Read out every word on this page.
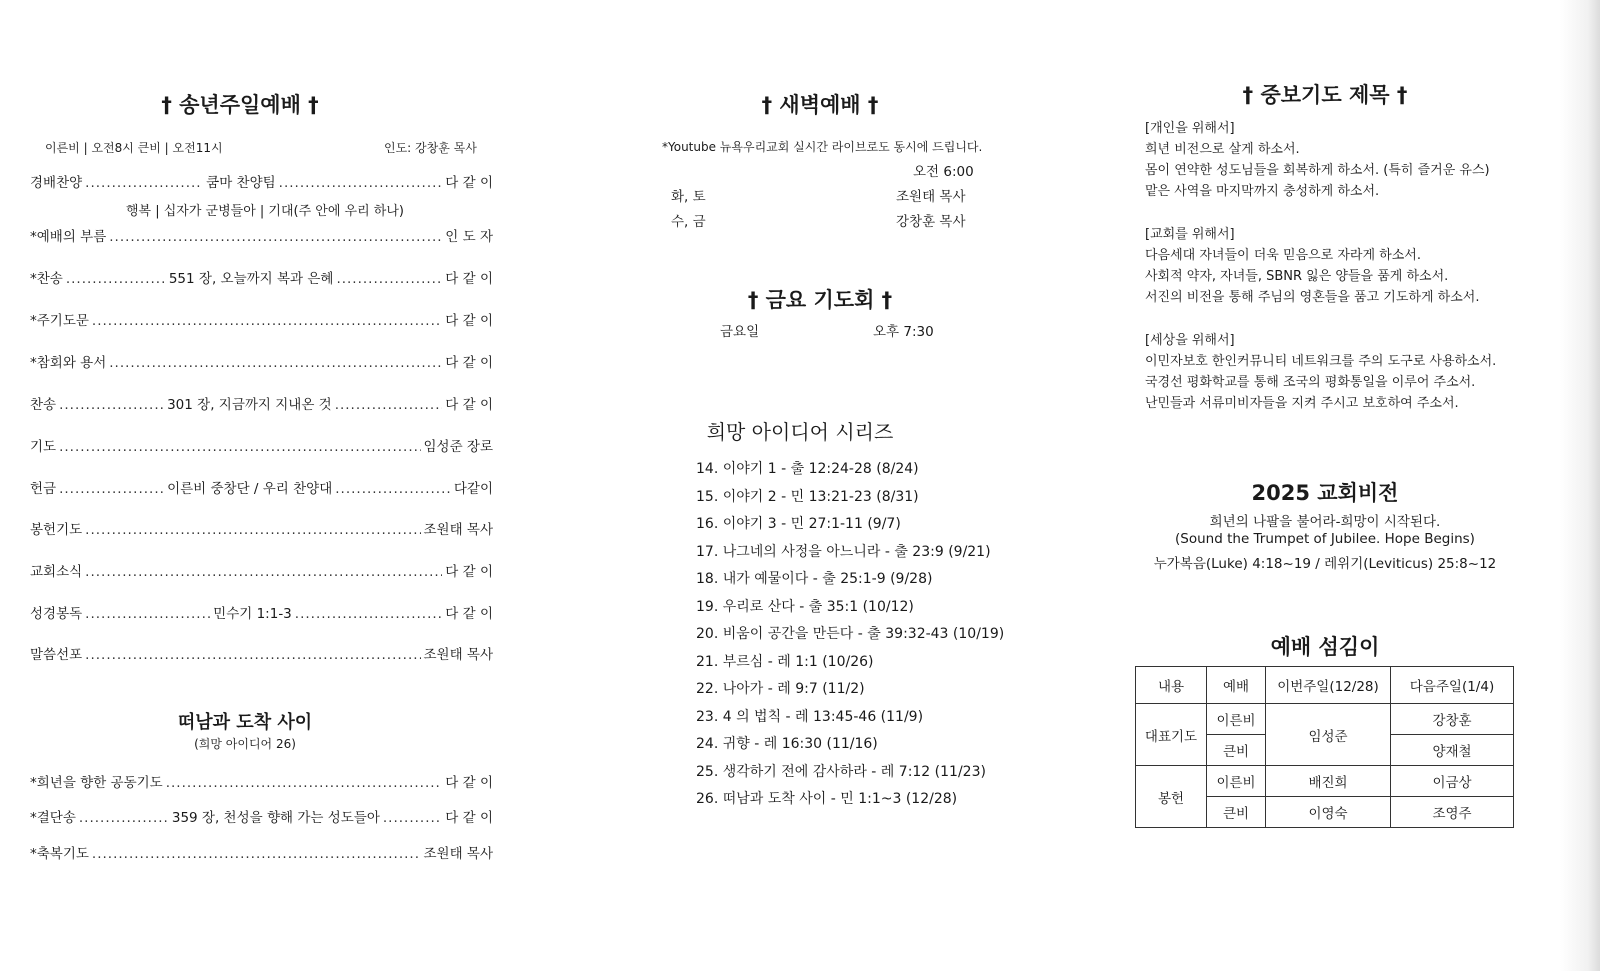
† 송년주일예배 †
이른비 | 오전8시 큰비 | 오전11시	인도: 강창훈 목사
경배찬양 .....	쿰마 찬양팀 .....	다 같 이
행복 | 십자가 군병들아 | 기대(주 안에 우리 하나)
*예배의 부름 .....	인 도 자
*찬송 .....	551 장, 오늘까지 복과 은혜 .....	다 같 이
*주기도문 .....	다 같 이
*참회와 용서 .....	다 같 이
찬송 .....	301 장, 지금까지 지내온 것 .....	다 같 이
기도 .....	임성준 장로
헌금 .....	이른비 중창단 / 우리 찬양대 .....	다같이
봉헌기도 .....	조원태 목사
교회소식 .....	다 같 이
성경봉독 .....	민수기 1:1-3 .....	다 같 이
말씀선포 .....	조원태 목사
떠남과 도착 사이
(희망 아이디어 26)
*희년을 향한 공동기도 .....	다 같 이
*결단송 .....	359 장, 천성을 향해 가는 성도들아 .....	다 같 이
*축복기도 .....	조원태 목사
† 새벽예배 †
*Youtube 뉴욕우리교회 실시간 라이브로도 동시에 드립니다.
오전 6:00
화, 토	조원태 목사
수, 금	강창훈 목사
† 금요 기도회 †
금요일	오후 7:30
희망 아이디어 시리즈
14. 이야기 1 - 출 12:24-28 (8/24)
15. 이야기 2 - 민 13:21-23 (8/31)
16. 이야기 3 - 민 27:1-11 (9/7)
17. 나그네의 사정을 아느니라 - 출 23:9 (9/21)
18. 내가 예물이다 - 출 25:1-9 (9/28)
19. 우리로 산다 - 출 35:1 (10/12)
20. 비움이 공간을 만든다 - 출 39:32-43 (10/19)
21. 부르심 - 레 1:1 (10/26)
22. 나아가 - 레 9:7 (11/2)
23. 4 의 법칙 - 레 13:45-46 (11/9)
24. 귀향 - 레 16:30 (11/16)
25. 생각하기 전에 감사하라 - 레 7:12 (11/23)
26. 떠남과 도착 사이 - 민 1:1~3 (12/28)
† 중보기도 제목 †
[개인을 위해서]
희년 비전으로 살게 하소서.
몸이 연약한 성도님들을 회복하게 하소서. (특히 즐거운 유스)
맡은 사역을 마지막까지 충성하게 하소서.
[교회를 위해서]
다음세대 자녀들이 더욱 믿음으로 자라게 하소서.
사회적 약자, 자녀들, SBNR 잃은 양들을 품게 하소서.
서진의 비전을 통해 주님의 영혼들을 품고 기도하게 하소서.
[세상을 위해서]
이민자보호 한인커뮤니티 네트워크를 주의 도구로 사용하소서.
국경선 평화학교를 통해 조국의 평화통일을 이루어 주소서.
난민들과 서류미비자들을 지켜 주시고 보호하여 주소서.
2025 교회비전
희년의 나팔을 불어라-희망이 시작된다.
(Sound the Trumpet of Jubilee. Hope Begins)
누가복음(Luke) 4:18~19 / 레위기(Leviticus) 25:8~12
예배 섬김이
내용	예배	이번주일(12/28)	다음주일(1/4)
대표기도	이른비	임성준	강창훈
	큰비		양재철
봉헌	이른비	배진희	이금상
	큰비	이영숙	조영주
